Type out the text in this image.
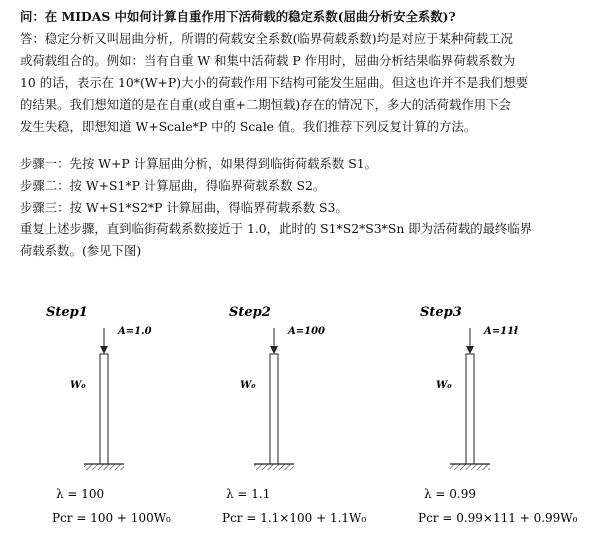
问：在 MIDAS 中如何计算自重作用下活荷载的稳定系数(屈曲分析安全系数)?
答：稳定分析又叫屈曲分析，所谓的荷载安全系数(临界荷载系数)均是对应于某种荷载工况
或荷载组合的。例如：当有自重 W 和集中活荷载 P 作用时，屈曲分析结果临界荷载系数为
10 的话，表示在 10*(W+P)大小的荷载作用下结构可能发生屈曲。但这也许并不是我们想要
的结果。我们想知道的是在自重(或自重+二期恒载)存在的情况下，多大的活荷载作用下会
发生失稳，即想知道 W+Scale*P 中的 Scale 值。我们推荐下列反复计算的方法。
步骤一：先按 W+P 计算屈曲分析，如果得到临街荷载系数 S1。
步骤二：按 W+S1*P 计算屈曲，得临界荷载系数 S2。
步骤三：按 W+S1*S2*P 计算屈曲，得临界荷载系数 S3。
重复上述步骤，直到临街荷载系数接近于 1.0，此时的 S1*S2*S3*Sn 即为活荷载的最终临界
荷载系数。(参见下图)
Step1
A=1.0
W₀
λ = 100
Pcr = 100 + 100W₀
Step2
A=100
W₀
λ = 1.1
Pcr = 1.1×100 + 1.1W₀
Step3
A=11ł
W₀
λ = 0.99
Pcr = 0.99×111 + 0.99W₀
